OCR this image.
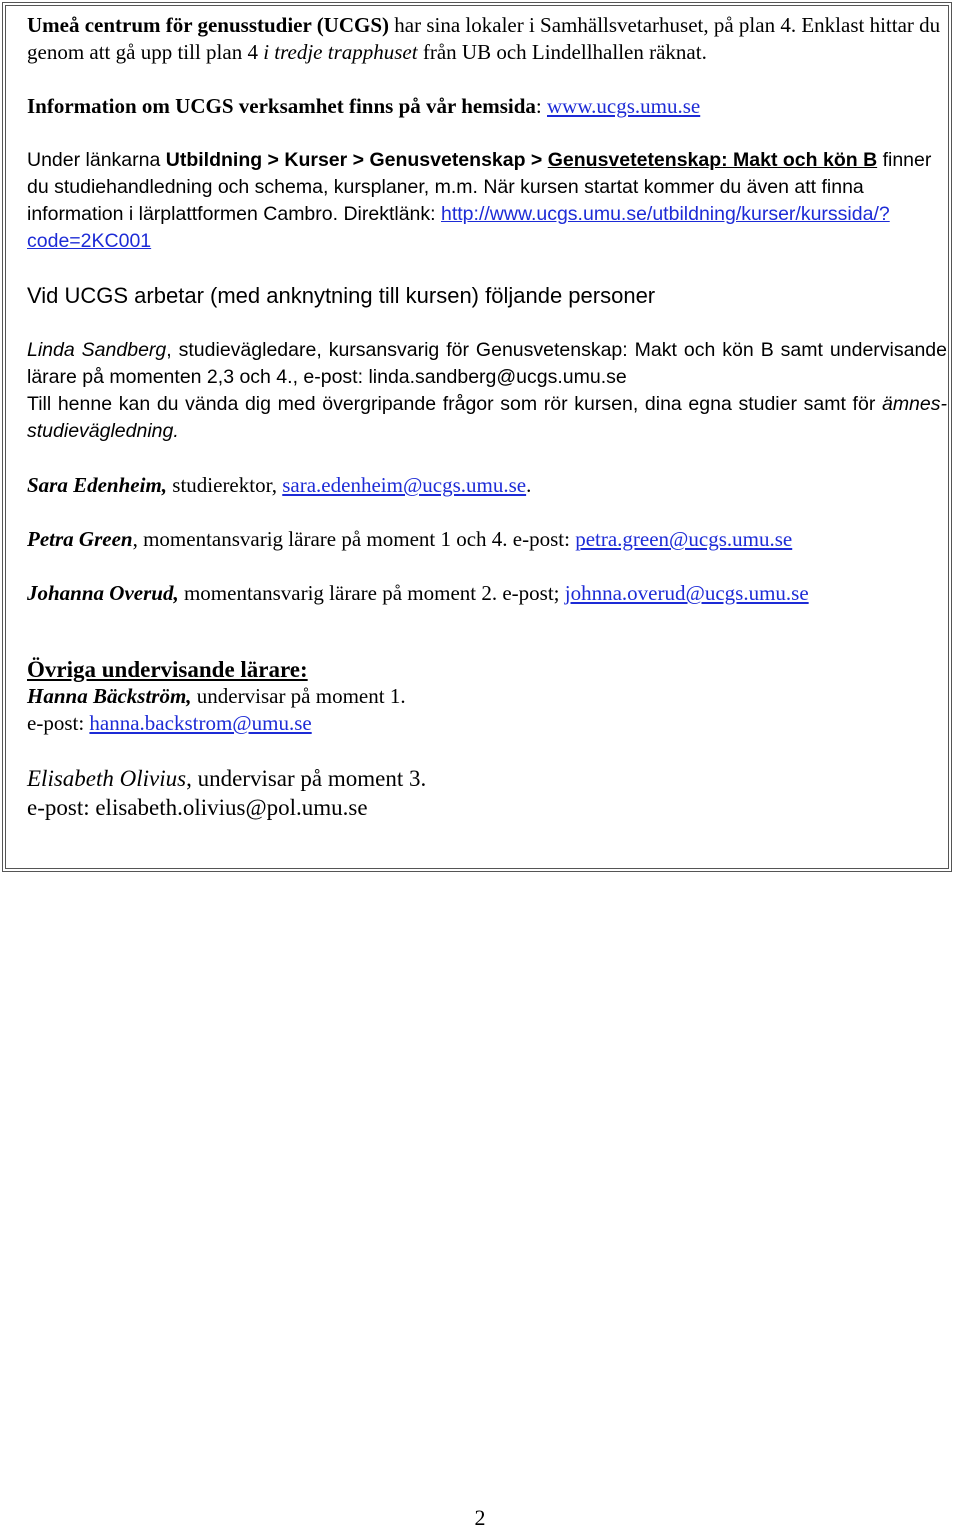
Umeå centrum för genusstudier (UCGS) har sina lokaler i Samhällsvetarhuset, på plan 4. Enklast hittar du genom att gå upp till plan 4 i tredje trapphuset från UB och Lindellhallen räknat.

Information om UCGS verksamhet finns på vår hemsida: www.ucgs.umu.se

Under länkarna Utbildning > Kurser > Genusvetenskap > Genusvetetenskap: Makt och kön B finner du studiehandledning och schema, kursplaner, m.m. När kursen startat kommer du även att finna information i lärplattformen Cambro. Direktlänk: http://www.ucgs.umu.se/utbildning/kurser/kurssida/?code=2KC001

Vid UCGS arbetar (med anknytning till kursen) följande personer

Linda Sandberg, studievägledare, kursansvarig för Genusvetenskap: Makt och kön B samt undervisande lärare på momenten 2,3 och 4., e-post: linda.sandberg@ucgs.umu.se

Till henne kan du vända dig med övergripande frågor som rör kursen, dina egna studier samt för ämnes-studievägledning.

Sara Edenheim, studierektor, sara.edenheim@ucgs.umu.se.

Petra Green, momentansvarig lärare på moment 1 och 4. e-post: petra.green@ucgs.umu.se

Johanna Overud, momentansvarig lärare på moment 2. e-post; johnna.overud@ucgs.umu.se

Övriga undervisande lärare:

Hanna Bäckström, undervisar på moment 1.

e-post: hanna.backstrom@umu.se

Elisabeth Olivius, undervisar på moment 3.

e-post: elisabeth.olivius@pol.umu.se

2
